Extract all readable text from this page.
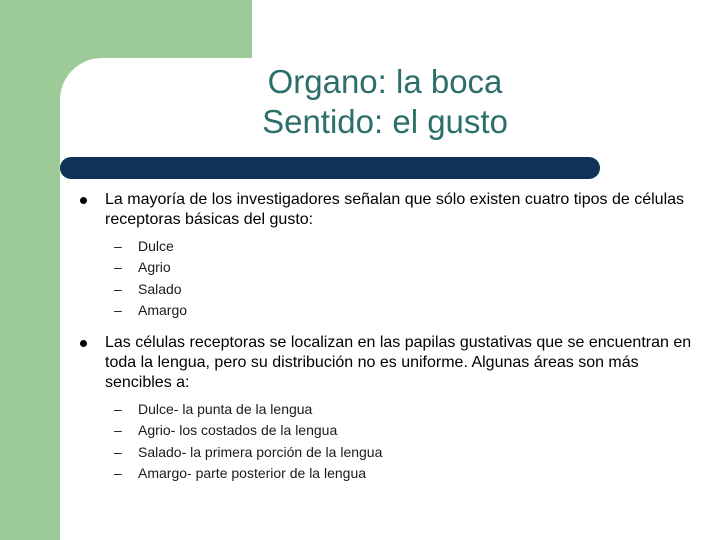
Organo: la boca
Sentido: el gusto
La mayoría de los investigadores señalan que sólo existen cuatro tipos de células receptoras básicas del gusto:
– Dulce
– Agrio
– Salado
– Amargo
Las células receptoras se localizan en las papilas gustativas que se encuentran en toda la lengua, pero su distribución no es uniforme. Algunas áreas son más sencibles a:
– Dulce- la punta de la lengua
– Agrio- los costados de la lengua
– Salado- la primera porción de la lengua
– Amargo- parte posterior de la lengua
